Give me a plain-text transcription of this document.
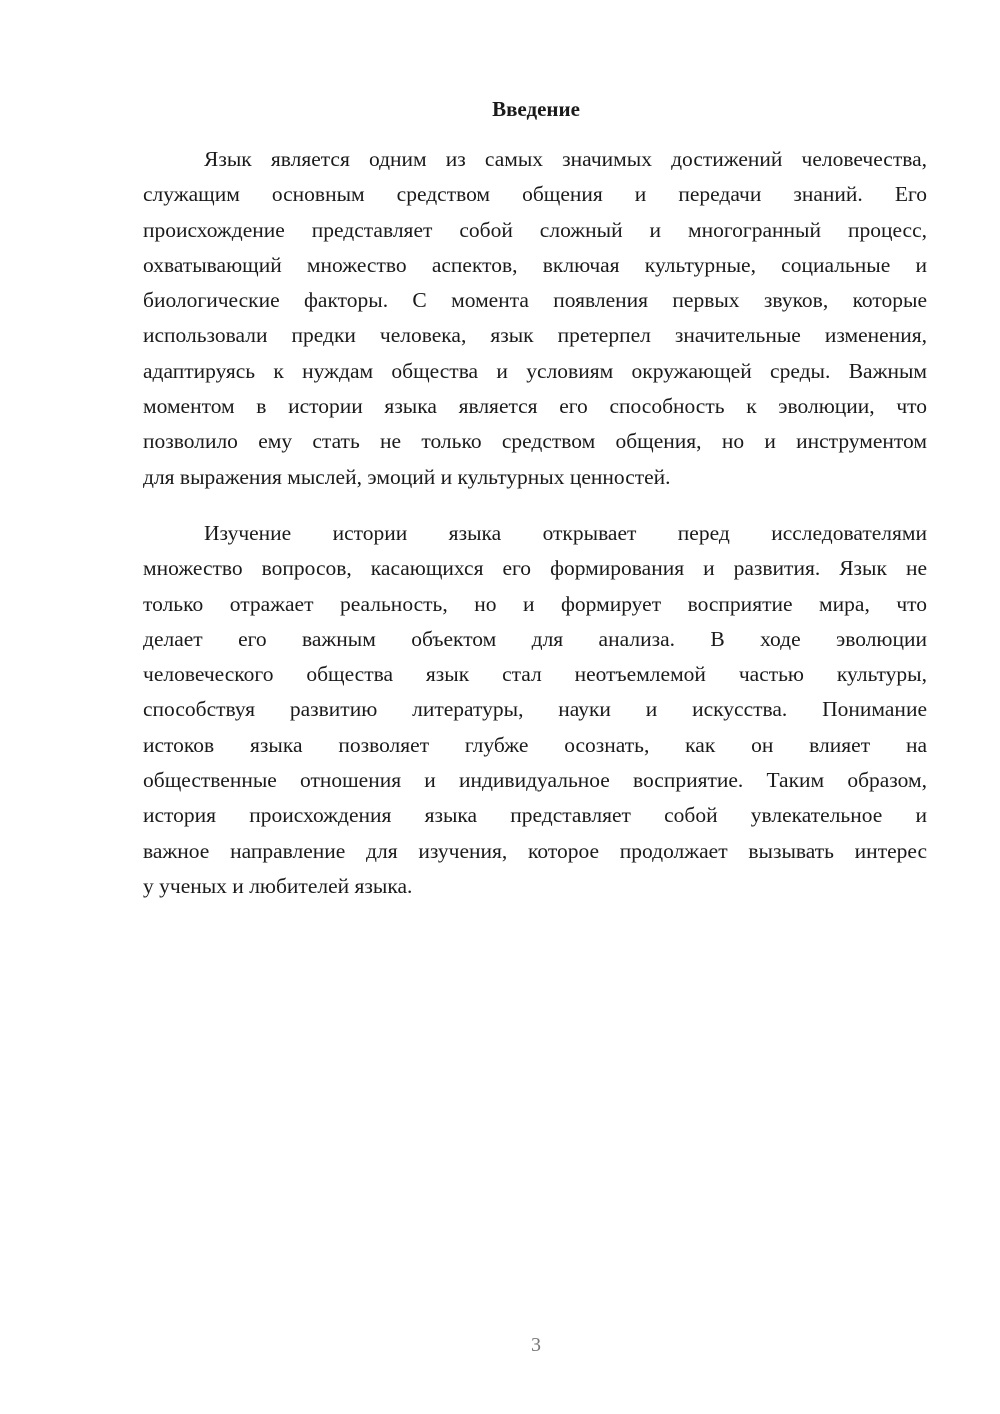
Введение
Язык является одним из самых значимых достижений человечества,
служащим основным средством общения и передачи знаний. Его
происхождение представляет собой сложный и многогранный процесс,
охватывающий множество аспектов, включая культурные, социальные и
биологические факторы. С момента появления первых звуков, которые
использовали предки человека, язык претерпел значительные изменения,
адаптируясь к нуждам общества и условиям окружающей среды. Важным
моментом в истории языка является его способность к эволюции, что
позволило ему стать не только средством общения, но и инструментом
для выражения мыслей, эмоций и культурных ценностей.
Изучение истории языка открывает перед исследователями
множество вопросов, касающихся его формирования и развития. Язык не
только отражает реальность, но и формирует восприятие мира, что
делает его важным объектом для анализа. В ходе эволюции
человеческого общества язык стал неотъемлемой частью культуры,
способствуя развитию литературы, науки и искусства. Понимание
истоков языка позволяет глубже осознать, как он влияет на
общественные отношения и индивидуальное восприятие. Таким образом,
история происхождения языка представляет собой увлекательное и
важное направление для изучения, которое продолжает вызывать интерес
у ученых и любителей языка.
3
